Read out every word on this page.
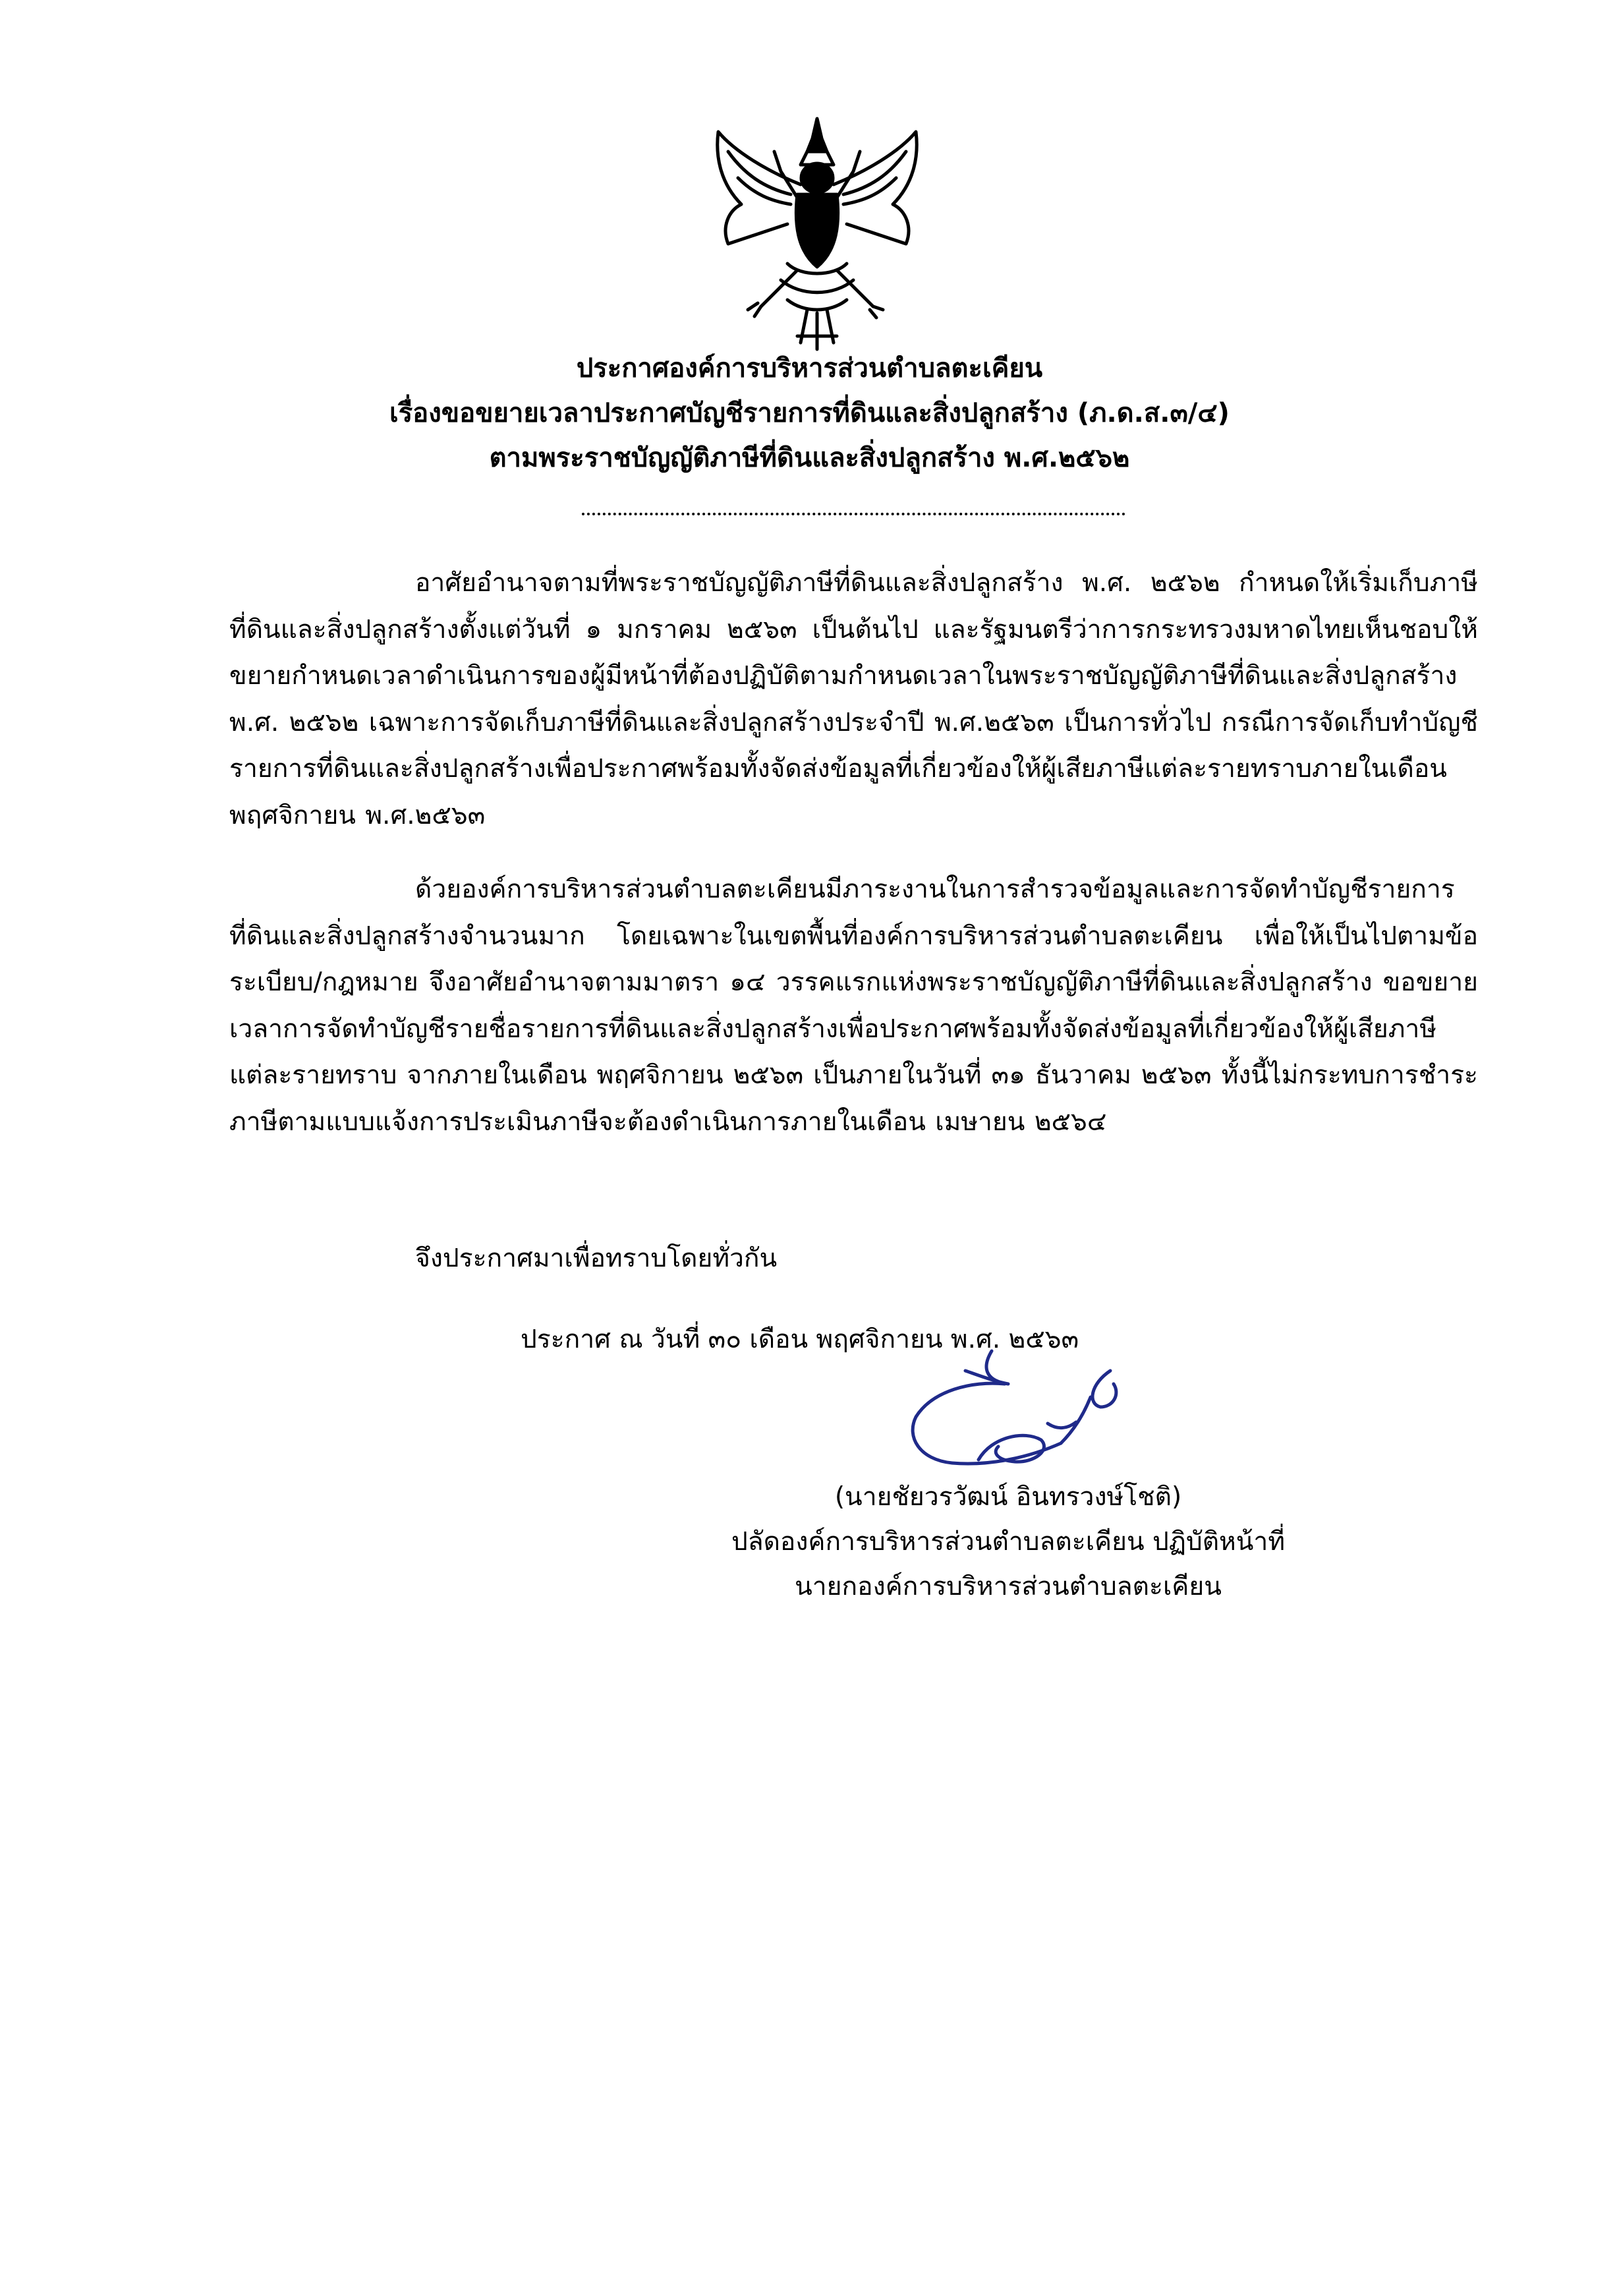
ประกาศองค์การบริหารส่วนตำบลตะเคียน
เรื่องขอขยายเวลาประกาศบัญชีรายการที่ดินและสิ่งปลูกสร้าง (ภ.ด.ส.๓/๔)
ตามพระราชบัญญัติภาษีที่ดินและสิ่งปลูกสร้าง พ.ศ.๒๕๖๒
อาศัยอำนาจตามที่พระราชบัญญัติภาษีที่ดินและสิ่งปลูกสร้าง พ.ศ. ๒๕๖๒ กำหนดให้เริ่มเก็บภาษีที่ดินและสิ่งปลูกสร้างตั้งแต่วันที่ ๑ มกราคม ๒๕๖๓ เป็นต้นไป และรัฐมนตรีว่าการกระทรวงมหาดไทยเห็นชอบให้ขยายกำหนดเวลาดำเนินการของผู้มีหน้าที่ต้องปฏิบัติตามกำหนดเวลาในพระราชบัญญัติภาษีที่ดินและสิ่งปลูกสร้าง พ.ศ. ๒๕๖๒ เฉพาะการจัดเก็บภาษีที่ดินและสิ่งปลูกสร้างประจำปี พ.ศ.๒๕๖๓ เป็นการทั่วไป กรณีการจัดเก็บทำบัญชีรายการที่ดินและสิ่งปลูกสร้างเพื่อประกาศพร้อมทั้งจัดส่งข้อมูลที่เกี่ยวข้องให้ผู้เสียภาษีแต่ละรายทราบภายในเดือน พฤศจิกายน พ.ศ.๒๕๖๓
ด้วยองค์การบริหารส่วนตำบลตะเคียนมีภาระงานในการสำรวจข้อมูลและการจัดทำบัญชีรายการที่ดินและสิ่งปลูกสร้างจำนวนมาก โดยเฉพาะในเขตพื้นที่องค์การบริหารส่วนตำบลตะเคียน เพื่อให้เป็นไปตามข้อระเบียบ/กฎหมาย จึงอาศัยอำนาจตามมาตรา ๑๔ วรรคแรกแห่งพระราชบัญญัติภาษีที่ดินและสิ่งปลูกสร้าง ขอขยายเวลาการจัดทำบัญชีรายชื่อรายการที่ดินและสิ่งปลูกสร้างเพื่อประกาศพร้อมทั้งจัดส่งข้อมูลที่เกี่ยวข้องให้ผู้เสียภาษีแต่ละรายทราบ จากภายในเดือน พฤศจิกายน ๒๕๖๓ เป็นภายในวันที่ ๓๑ ธันวาคม ๒๕๖๓ ทั้งนี้ไม่กระทบการชำระภาษีตามแบบแจ้งการประเมินภาษีจะต้องดำเนินการภายในเดือน เมษายน ๒๕๖๔
จึงประกาศมาเพื่อทราบโดยทั่วกัน
ประกาศ ณ วันที่ ๓๐ เดือน พฤศจิกายน พ.ศ. ๒๕๖๓
(นายชัยวรวัฒน์ อินทรวงษ์โชติ)
ปลัดองค์การบริหารส่วนตำบลตะเคียน ปฏิบัติหน้าที่
นายกองค์การบริหารส่วนตำบลตะเคียน
